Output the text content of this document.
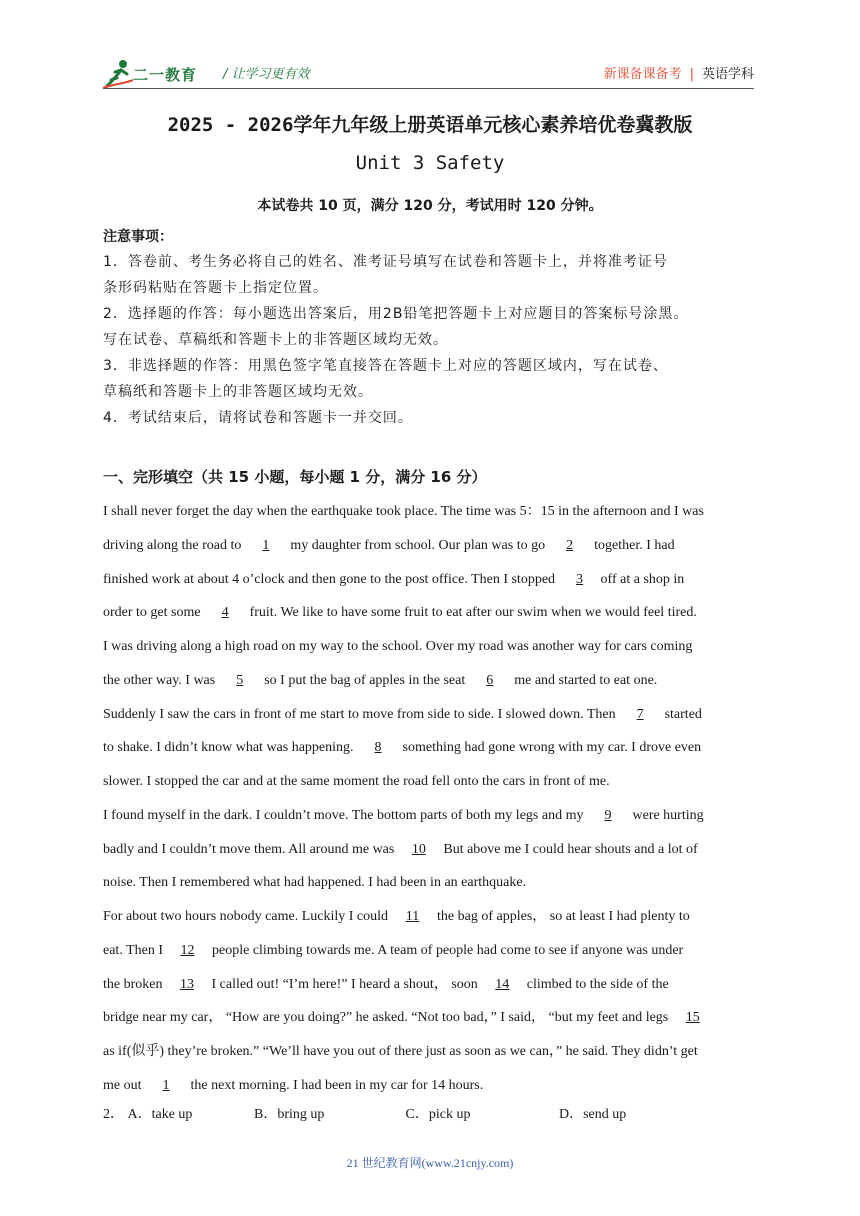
二一教育 / 让学习更有效	新课备课备考 | 英语学科
2025 - 2026学年九年级上册英语单元核心素养培优卷冀教版
Unit 3 Safety
本试卷共 10 页，满分 120 分，考试用时 120 分钟。
注意事项：

1．答卷前、考生务必将自己的姓名、准考证号填写在试卷和答题卡上，并将准考证号

条形码粘贴在答题卡上指定位置。

2．选择题的作答：每小题选出答案后，用2B铅笔把答题卡上对应题目的答案标号涂黑。

写在试卷、草稿纸和答题卡上的非答题区域均无效。

3．非选择题的作答：用黑色签字笔直接答在答题卡上对应的答题区域内，写在试卷、

草稿纸和答题卡上的非答题区域均无效。

4．考试结束后，请将试卷和答题卡一并交回。

一、完形填空（共 15 小题，每小题 1 分，满分 16 分）
I shall never forget the day when the earthquake took place. The time was 5：15 in the afternoon and I was
driving along the road to 1 my daughter from school. Our plan was to go 2 together. I had
finished work at about 4 o’clock and then gone to the post office. Then I stopped 3 off at a shop in
order to get some 4 fruit. We like to have some fruit to eat after our swim when we would feel tired.
I was driving along a high road on my way to the school. Over my road was another way for cars coming
the other way. I was 5 so I put the bag of apples in the seat 6 me and started to eat one.
Suddenly I saw the cars in front of me start to move from side to side. I slowed down. Then 7 started
to shake. I didn’t know what was happening. 8 something had gone wrong with my car. I drove even
slower. I stopped the car and at the same moment the road fell onto the cars in front of me.
I found myself in the dark. I couldn’t move. The bottom parts of both my legs and my 9 were hurting
badly and I couldn’t move them. All around me was 10 But above me I could hear shouts and a lot of
noise. Then I remembered what had happened. I had been in an earthquake.
For about two hours nobody came. Luckily I could 11 the bag of apples， so at least I had plenty to
eat. Then I 12 people climbing towards me. A team of people had come to see if anyone was under
the broken 13 I called out! “I’m here!” I heard a shout， soon 14 climbed to the side of the
bridge near my car， “How are you doing?” he asked. “Not too bad，” I said， “but my feet and legs 15
as if(似乎) they’re broken.” “We’ll have you out of there just as soon as we can，” he said. They didn’t get
me out 1 the next morning. I had been in my car for 14 hours.
2． A．take up	B．bring up	C．pick up	D．send up
21 世纪教育网(www.21cnjy.com)
